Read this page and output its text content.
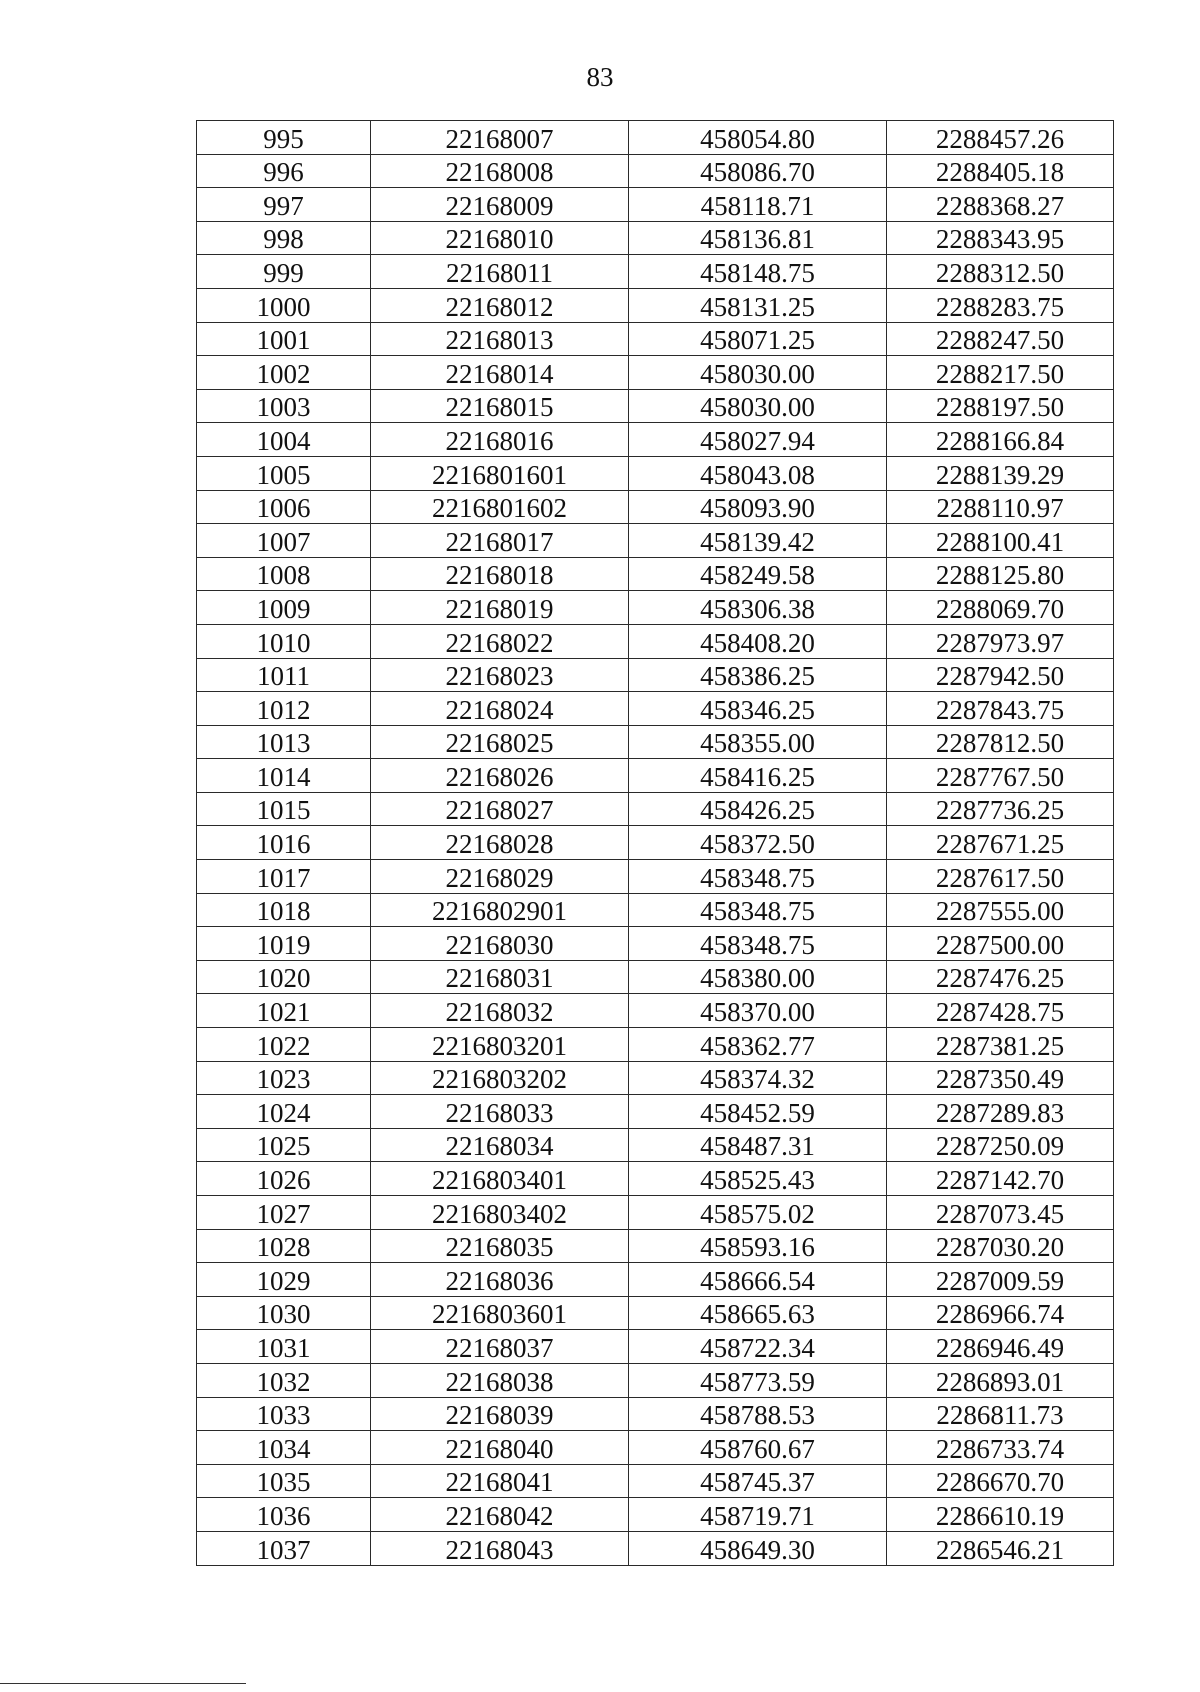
83
995	22168007	458054.80	2288457.26
996	22168008	458086.70	2288405.18
997	22168009	458118.71	2288368.27
998	22168010	458136.81	2288343.95
999	22168011	458148.75	2288312.50
1000	22168012	458131.25	2288283.75
1001	22168013	458071.25	2288247.50
1002	22168014	458030.00	2288217.50
1003	22168015	458030.00	2288197.50
1004	22168016	458027.94	2288166.84
1005	2216801601	458043.08	2288139.29
1006	2216801602	458093.90	2288110.97
1007	22168017	458139.42	2288100.41
1008	22168018	458249.58	2288125.80
1009	22168019	458306.38	2288069.70
1010	22168022	458408.20	2287973.97
1011	22168023	458386.25	2287942.50
1012	22168024	458346.25	2287843.75
1013	22168025	458355.00	2287812.50
1014	22168026	458416.25	2287767.50
1015	22168027	458426.25	2287736.25
1016	22168028	458372.50	2287671.25
1017	22168029	458348.75	2287617.50
1018	2216802901	458348.75	2287555.00
1019	22168030	458348.75	2287500.00
1020	22168031	458380.00	2287476.25
1021	22168032	458370.00	2287428.75
1022	2216803201	458362.77	2287381.25
1023	2216803202	458374.32	2287350.49
1024	22168033	458452.59	2287289.83
1025	22168034	458487.31	2287250.09
1026	2216803401	458525.43	2287142.70
1027	2216803402	458575.02	2287073.45
1028	22168035	458593.16	2287030.20
1029	22168036	458666.54	2287009.59
1030	2216803601	458665.63	2286966.74
1031	22168037	458722.34	2286946.49
1032	22168038	458773.59	2286893.01
1033	22168039	458788.53	2286811.73
1034	22168040	458760.67	2286733.74
1035	22168041	458745.37	2286670.70
1036	22168042	458719.71	2286610.19
1037	22168043	458649.30	2286546.21
